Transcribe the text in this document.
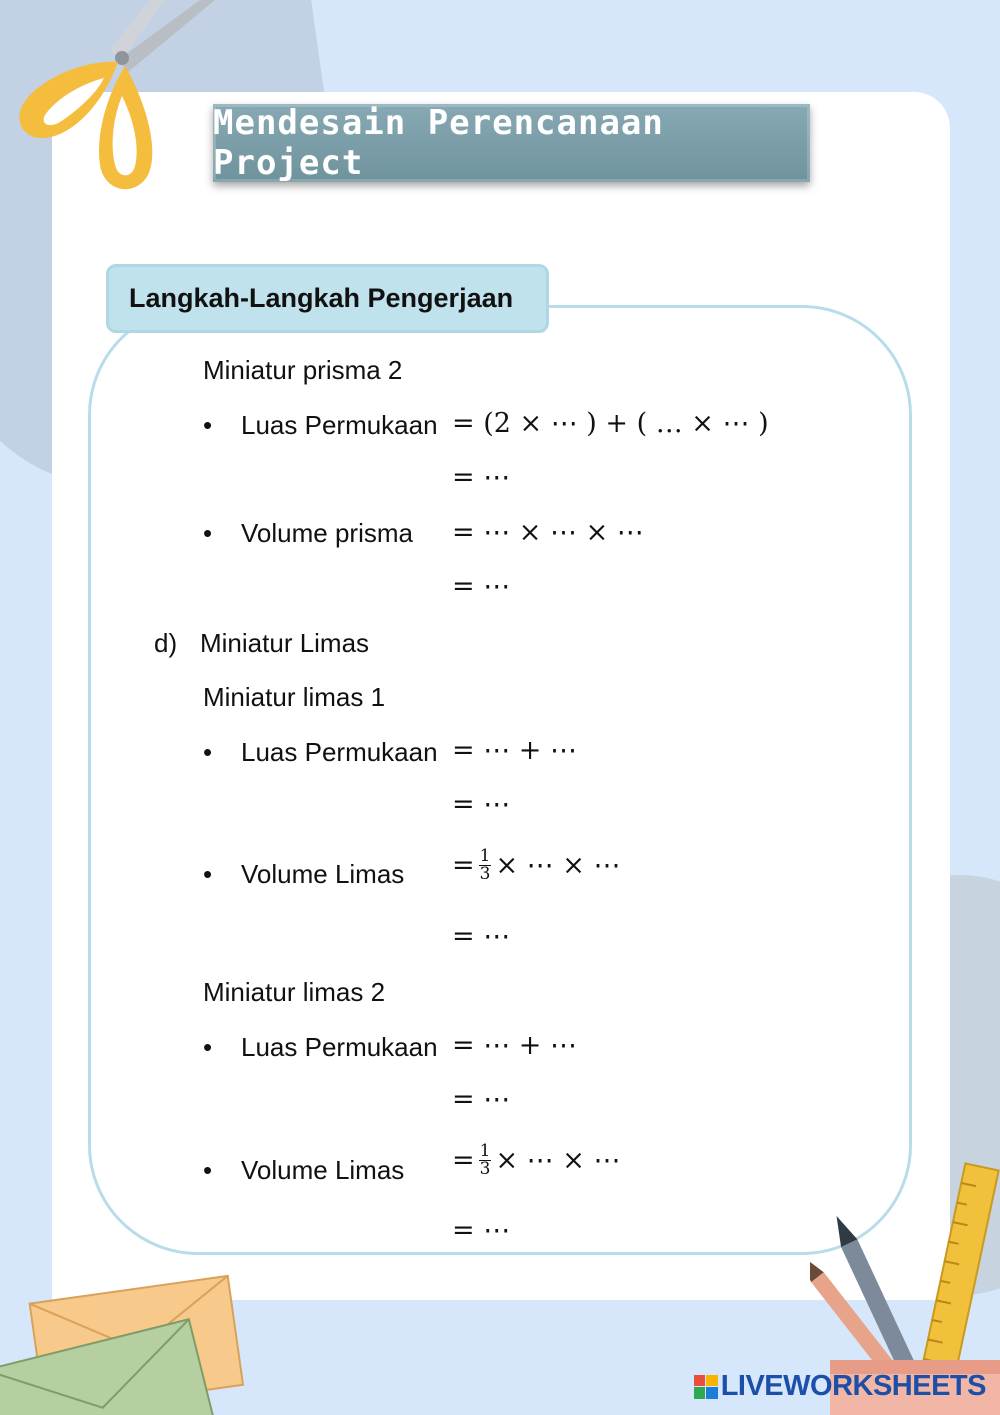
Mendesain Perencanaan Project
Langkah-Langkah Pengerjaan
Miniatur prisma 2
• Luas Permukaan = (2 × ⋯ ) + ( … × ⋯ )
= ⋯
• Volume prisma = ⋯ × ⋯ × ⋯
= ⋯
d) Miniatur Limas
Miniatur limas 1
• Luas Permukaan = ⋯ + ⋯
= ⋯
• Volume Limas = $\frac{1}{3}$ × ⋯ × ⋯
= ⋯
Miniatur limas 2
• Luas Permukaan = ⋯ + ⋯
= ⋯
• Volume Limas = $\frac{1}{3}$ × ⋯ × ⋯
= ⋯
LIVEWORKSHEETS
